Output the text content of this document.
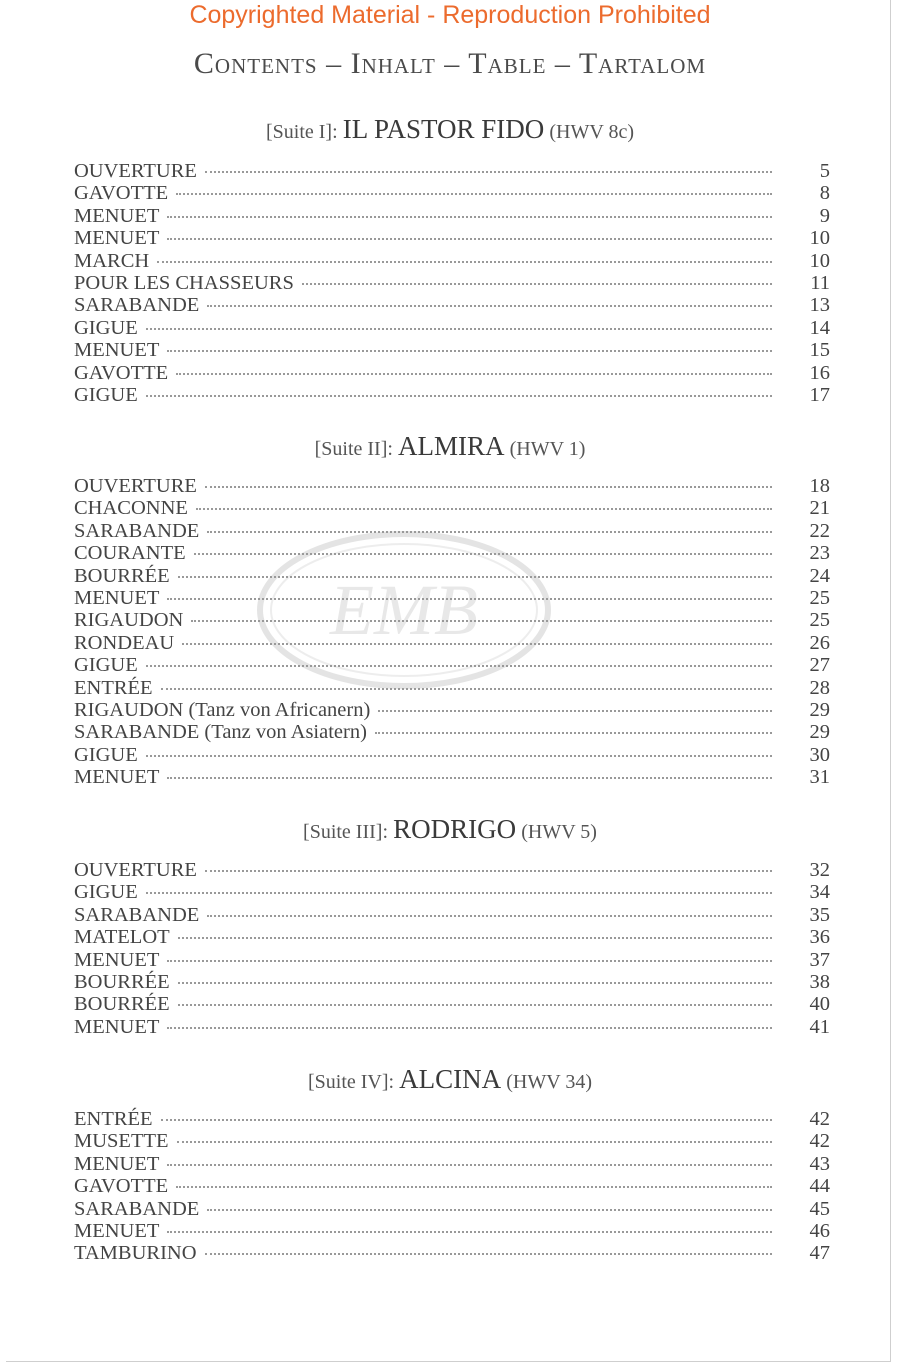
Copyrighted Material - Reproduction Prohibited
Contents – Inhalt – Table – Tartalom
EMB
[Suite I]: IL PASTOR FIDO (HWV 8c)
OUVERTURE	5
GAVOTTE	8
MENUET	9
MENUET	10
MARCH	10
POUR LES CHASSEURS	11
SARABANDE	13
GIGUE	14
MENUET	15
GAVOTTE	16
GIGUE	17
[Suite II]: ALMIRA (HWV 1)
OUVERTURE	18
CHACONNE	21
SARABANDE	22
COURANTE	23
BOURRÉE	24
MENUET	25
RIGAUDON	25
RONDEAU	26
GIGUE	27
ENTRÉE	28
RIGAUDON (Tanz von Africanern)	29
SARABANDE (Tanz von Asiatern)	29
GIGUE	30
MENUET	31
[Suite III]: RODRIGO (HWV 5)
OUVERTURE	32
GIGUE	34
SARABANDE	35
MATELOT	36
MENUET	37
BOURRÉE	38
BOURRÉE	40
MENUET	41
[Suite IV]: ALCINA (HWV 34)
ENTRÉE	42
MUSETTE	42
MENUET	43
GAVOTTE	44
SARABANDE	45
MENUET	46
TAMBURINO	47
